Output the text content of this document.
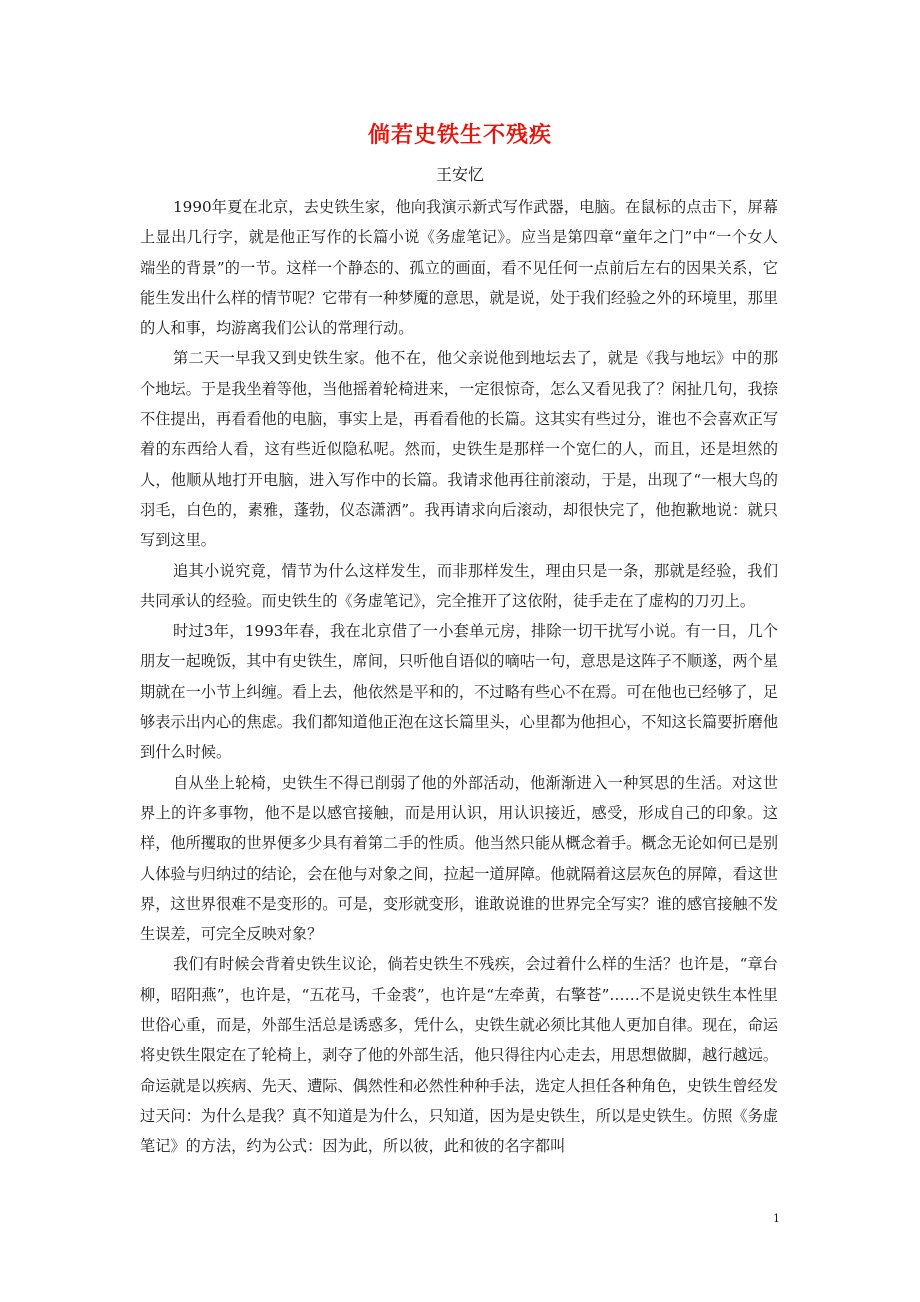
倘若史铁生不残疾
王安忆

1990年夏在北京，去史铁生家，他向我演示新式写作武器，电脑。在鼠标的点击下，屏幕上显出几行字，就是他正写作的长篇小说《务虚笔记》。应当是第四章“童年之门”中“一个女人端坐的背景”的一节。这样一个静态的、孤立的画面，看不见任何一点前后左右的因果关系，它能生发出什么样的情节呢？它带有一种梦魇的意思，就是说，处于我们经验之外的环境里，那里的人和事，均游离我们公认的常理行动。

第二天一早我又到史铁生家。他不在，他父亲说他到地坛去了，就是《我与地坛》中的那个地坛。于是我坐着等他，当他摇着轮椅进来，一定很惊奇，怎么又看见我了？闲扯几句，我捺不住提出，再看看他的电脑，事实上是，再看看他的长篇。这其实有些过分，谁也不会喜欢正写着的东西给人看，这有些近似隐私呢。然而，史铁生是那样一个宽仁的人，而且，还是坦然的人，他顺从地打开电脑，进入写作中的长篇。我请求他再往前滚动，于是，出现了“一根大鸟的羽毛，白色的，素雅，蓬勃，仪态潇洒”。我再请求向后滚动，却很快完了，他抱歉地说：就只写到这里。

追其小说究竟，情节为什么这样发生，而非那样发生，理由只是一条，那就是经验，我们共同承认的经验。而史铁生的《务虚笔记》，完全推开了这依附，徒手走在了虚构的刀刃上。

时过3年，1993年春，我在北京借了一小套单元房，排除一切干扰写小说。有一日，几个朋友一起晚饭，其中有史铁生，席间，只听他自语似的嘀咕一句，意思是这阵子不顺遂，两个星期就在一小节上纠缠。看上去，他依然是平和的，不过略有些心不在焉。可在他也已经够了，足够表示出内心的焦虑。我们都知道他正泡在这长篇里头，心里都为他担心，不知这长篇要折磨他到什么时候。

自从坐上轮椅，史铁生不得已削弱了他的外部活动，他渐渐进入一种冥思的生活。对这世界上的许多事物，他不是以感官接触，而是用认识，用认识接近，感受，形成自己的印象。这样，他所攫取的世界便多少具有着第二手的性质。他当然只能从概念着手。概念无论如何已是别人体验与归纳过的结论，会在他与对象之间，拉起一道屏障。他就隔着这层灰色的屏障，看这世界，这世界很难不是变形的。可是，变形就变形，谁敢说谁的世界完全写实？谁的感官接触不发生误差，可完全反映对象？

我们有时候会背着史铁生议论，倘若史铁生不残疾，会过着什么样的生活？也许是，“章台柳，昭阳燕”，也许是，“五花马，千金裘”，也许是“左牵黄，右擎苍”……不是说史铁生本性里世俗心重，而是，外部生活总是诱惑多，凭什么，史铁生就必须比其他人更加自律。现在，命运将史铁生限定在了轮椅上，剥夺了他的外部生活，他只得往内心走去，用思想做脚，越行越远。命运就是以疾病、先天、遭际、偶然性和必然性种种手法，选定人担任各种角色，史铁生曾经发过天问：为什么是我？真不知道是为什么，只知道，因为是史铁生，所以是史铁生。仿照《务虚笔记》的方法，约为公式：因为此，所以彼，此和彼的名字都叫

1
